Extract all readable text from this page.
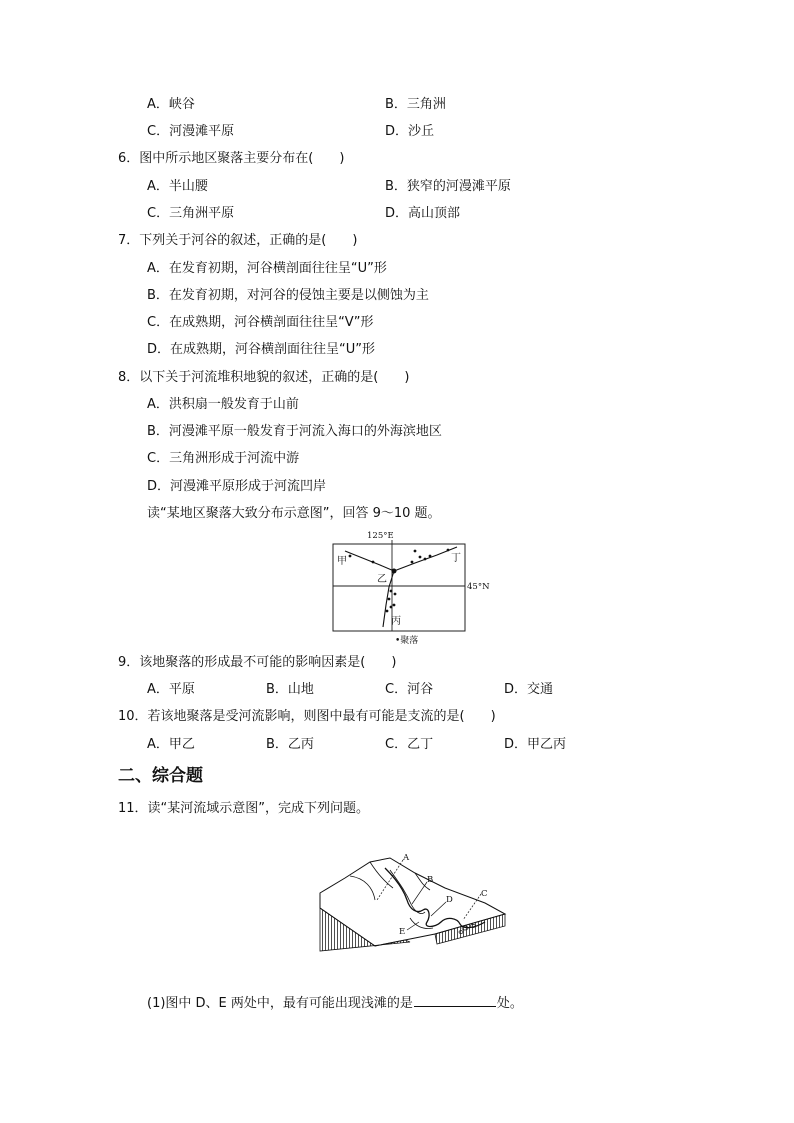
A．峡谷	B．三角洲
C．河漫滩平原	D．沙丘
6．图中所示地区聚落主要分布在(　　)
A．半山腰	B．狭窄的河漫滩平原
C．三角洲平原	D．高山顶部
7．下列关于河谷的叙述，正确的是(　　)
A．在发育初期，河谷横剖面往往呈“U”形
B．在发育初期，对河谷的侵蚀主要是以侧蚀为主
C．在成熟期，河谷横剖面往往呈“V”形
D．在成熟期，河谷横剖面往往呈“U”形
8．以下关于河流堆积地貌的叙述，正确的是(　　)
A．洪积扇一般发育于山前
B．河漫滩平原一般发育于河流入海口的外海滨地区
C．三角洲形成于河流中游
D．河漫滩平原形成于河流凹岸
读“某地区聚落大致分布示意图”，回答 9～10 题。
125°E
45°N
甲
乙
丙
丁
•聚落
9．该地聚落的形成最不可能的影响因素是(　　)
A．平原	B．山地	C．河谷	D．交通
10．若该地聚落是受河流影响，则图中最有可能是支流的是(　　)
A．甲乙	B．乙丙	C．乙丁	D．甲乙丙
二、综合题
11．读“某河流域示意图”，完成下列问题。
A
B
C
D
E
(1)图中 D、E 两处中，最有可能出现浅滩的是	处。
